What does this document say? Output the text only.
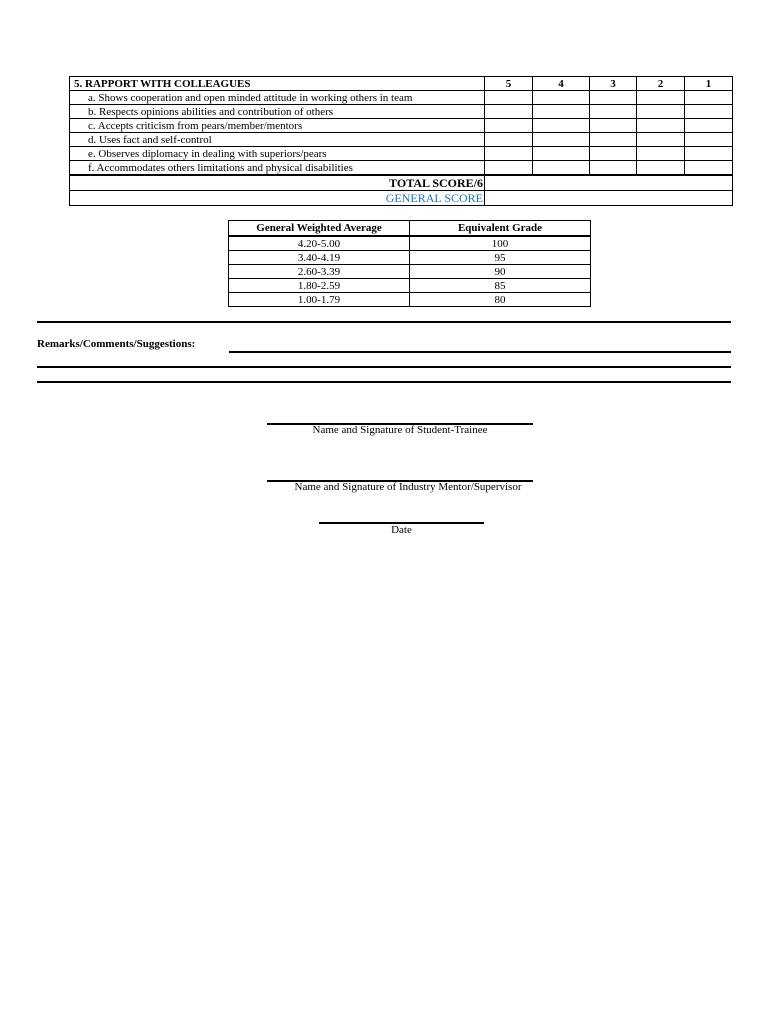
5. RAPPORT WITH COLLEAGUES	5	4	3	2	1
a. Shows cooperation and open minded attitude in working others in team					
b. Respects opinions abilities and contribution of others					
c. Accepts criticism from pears/member/mentors					
d. Uses fact and self-control					
e. Observes diplomacy in dealing with superiors/pears					
f. Accommodates others limitations and physical disabilities					
TOTAL SCORE/6					
GENERAL SCORE					
General Weighted Average	Equivalent Grade
4.20-5.00	100
3.40-4.19	95
2.60-3.39	90
1.80-2.59	85
1.00-1.79	80
Remarks/Comments/Suggestions:
Name and Signature of Student-Trainee
Name and Signature of Industry Mentor/Supervisor
Date
